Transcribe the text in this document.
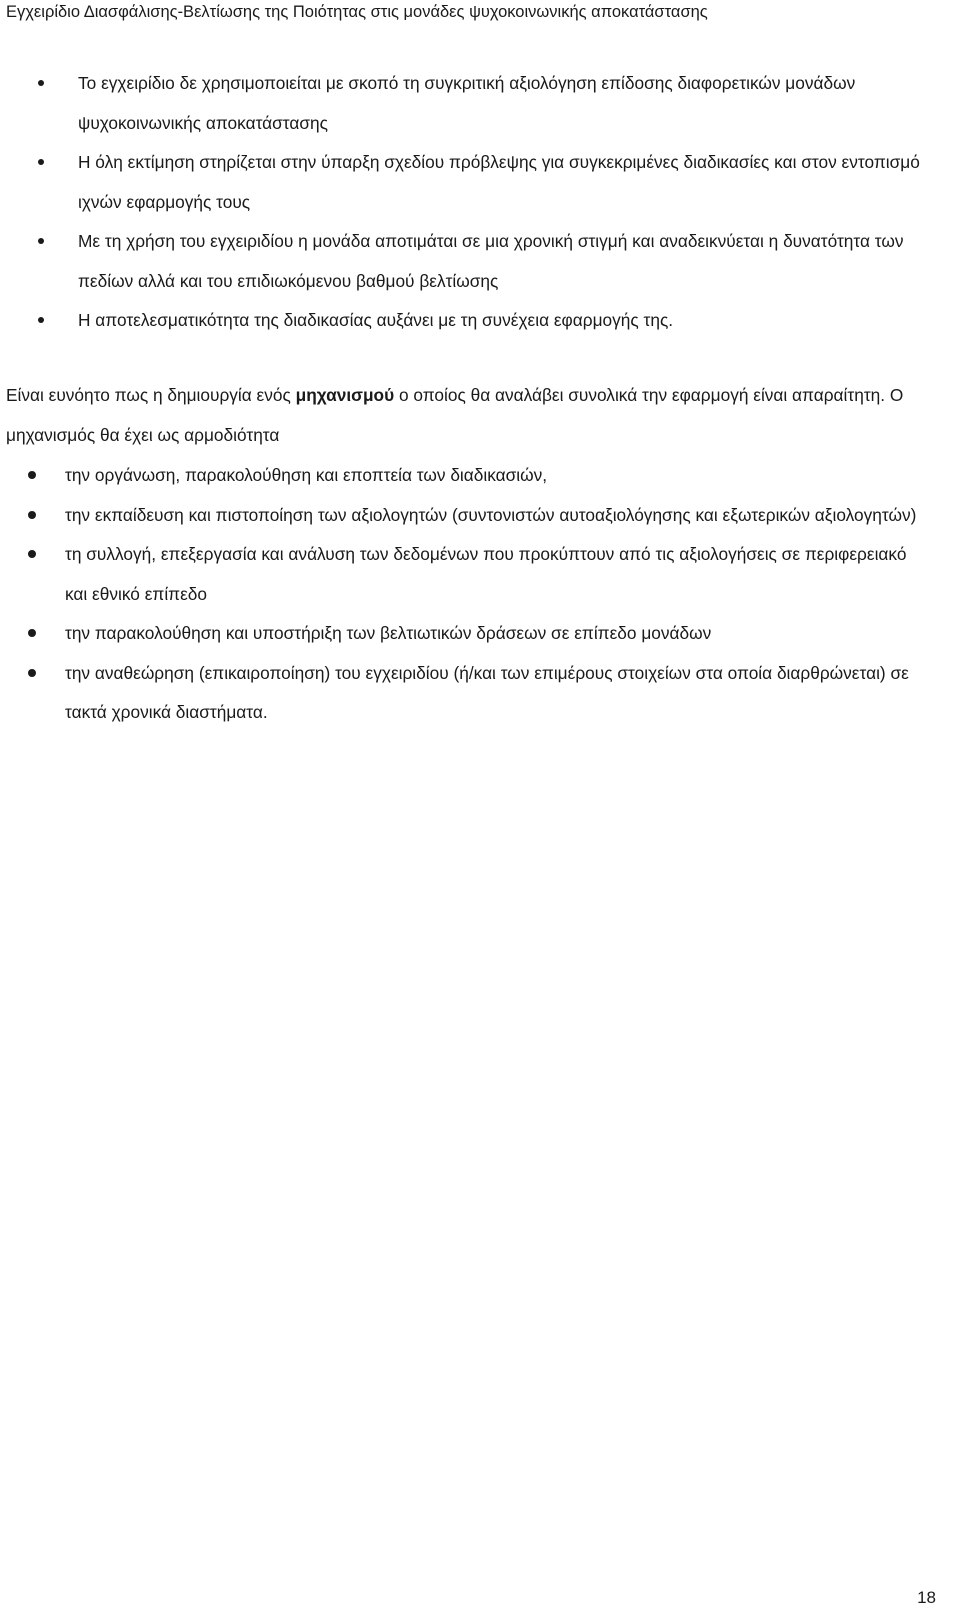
Εγχειρίδιο Διασφάλισης-Βελτίωσης της Ποιότητας στις μονάδες ψυχοκοινωνικής αποκατάστασης
Το εγχειρίδιο δε χρησιμοποιείται με σκοπό τη συγκριτική αξιολόγηση επίδοσης διαφορετικών μονάδων ψυχοκοινωνικής αποκατάστασης
Η όλη εκτίμηση στηρίζεται στην ύπαρξη σχεδίου πρόβλεψης για συγκεκριμένες διαδικασίες και στον εντοπισμό ιχνών εφαρμογής τους
Με τη χρήση του εγχειριδίου η μονάδα αποτιμάται σε μια χρονική στιγμή και αναδεικνύεται η δυνατότητα των πεδίων αλλά και του επιδιωκόμενου βαθμού βελτίωσης
Η αποτελεσματικότητα της διαδικασίας αυξάνει με τη συνέχεια εφαρμογής της.

Είναι ευνόητο πως η δημιουργία ενός μηχανισμού ο οποίος θα αναλάβει συνολικά την εφαρμογή είναι απαραίτητη. Ο μηχανισμός θα έχει ως αρμοδιότητα

την οργάνωση, παρακολούθηση και εποπτεία των διαδικασιών,
την εκπαίδευση και πιστοποίηση των αξιολογητών (συντονιστών αυτοαξιολόγησης και εξωτερικών αξιολογητών)
τη συλλογή, επεξεργασία και ανάλυση των δεδομένων που προκύπτουν από τις αξιολογήσεις σε περιφερειακό και εθνικό επίπεδο
την παρακολούθηση και υποστήριξη των βελτιωτικών δράσεων σε επίπεδο μονάδων
την αναθεώρηση (επικαιροποίηση) του εγχειριδίου (ή/και των επιμέρους στοιχείων στα οποία διαρθρώνεται) σε τακτά χρονικά διαστήματα.
18
